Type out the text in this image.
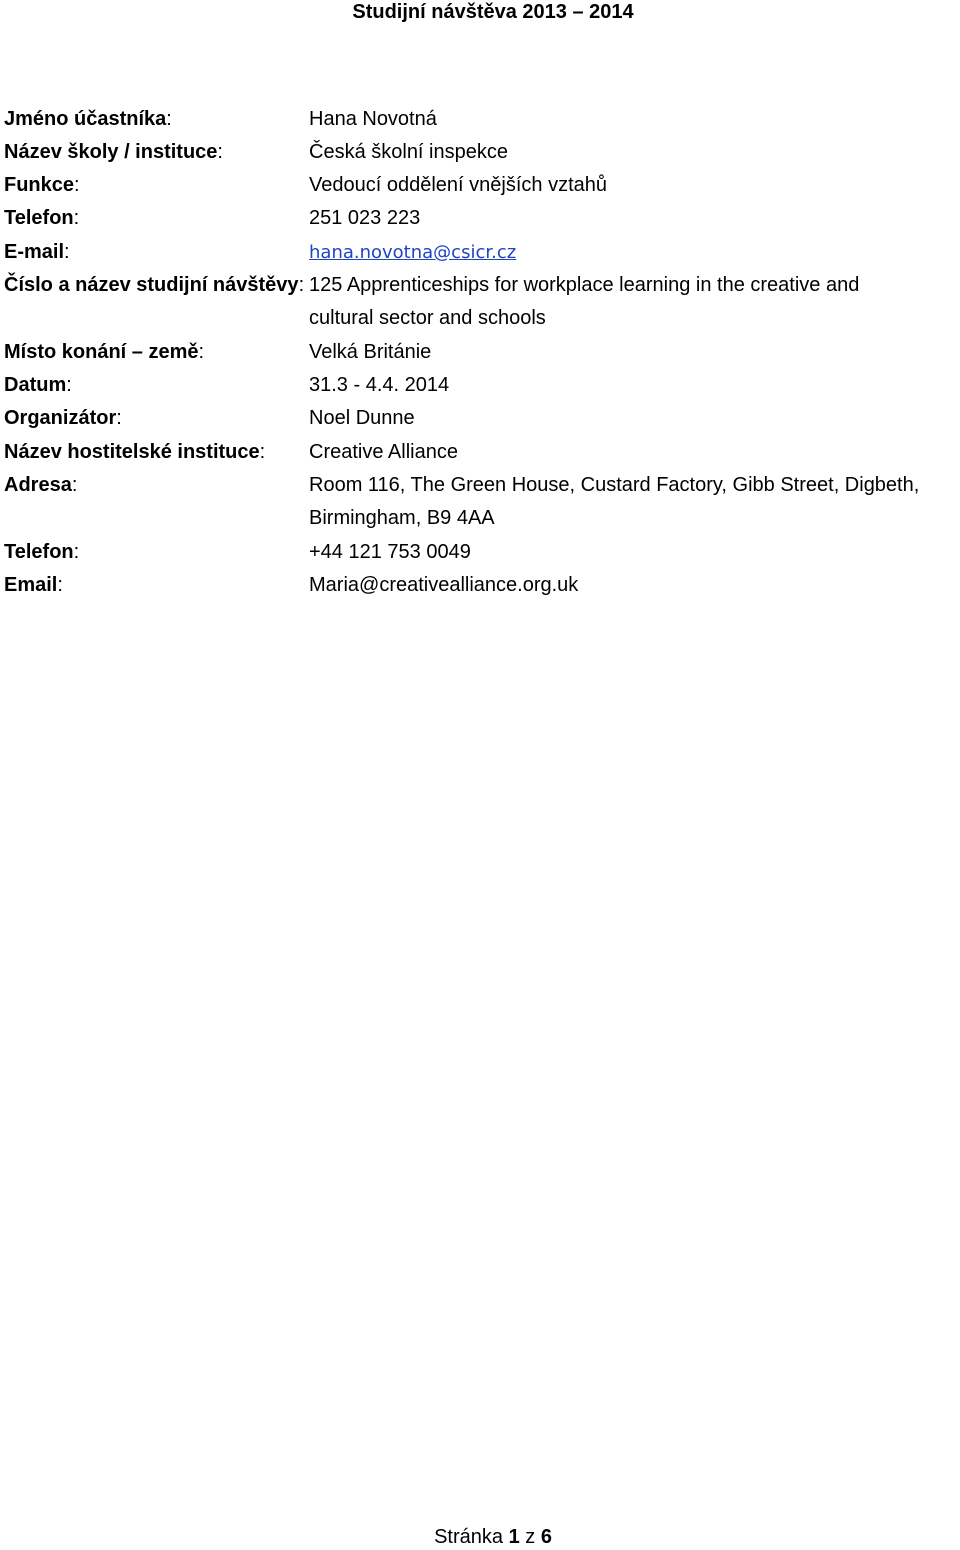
Studijní návštěva 2013 – 2014
Jméno účastníka:	Hana Novotná
Název školy / instituce:	Česká školní inspekce
Funkce:	Vedoucí oddělení vnějších vztahů
Telefon:	251 023 223
E-mail:	hana.novotna@csicr.cz
Číslo a název studijní návštěvy: 125 Apprenticeships for workplace learning in the creative and cultural sector and schools
Místo konání – země:	Velká Británie
Datum:	31.3 - 4.4. 2014
Organizátor:	Noel Dunne
Název hostitelské instituce: Creative Alliance
Adresa:	Room 116, The Green House, Custard Factory, Gibb Street, Digbeth, Birmingham, B9 4AA
Telefon:	+44 121 753 0049
Email:	Maria@creativealliance.org.uk
Stránka 1 z 6
